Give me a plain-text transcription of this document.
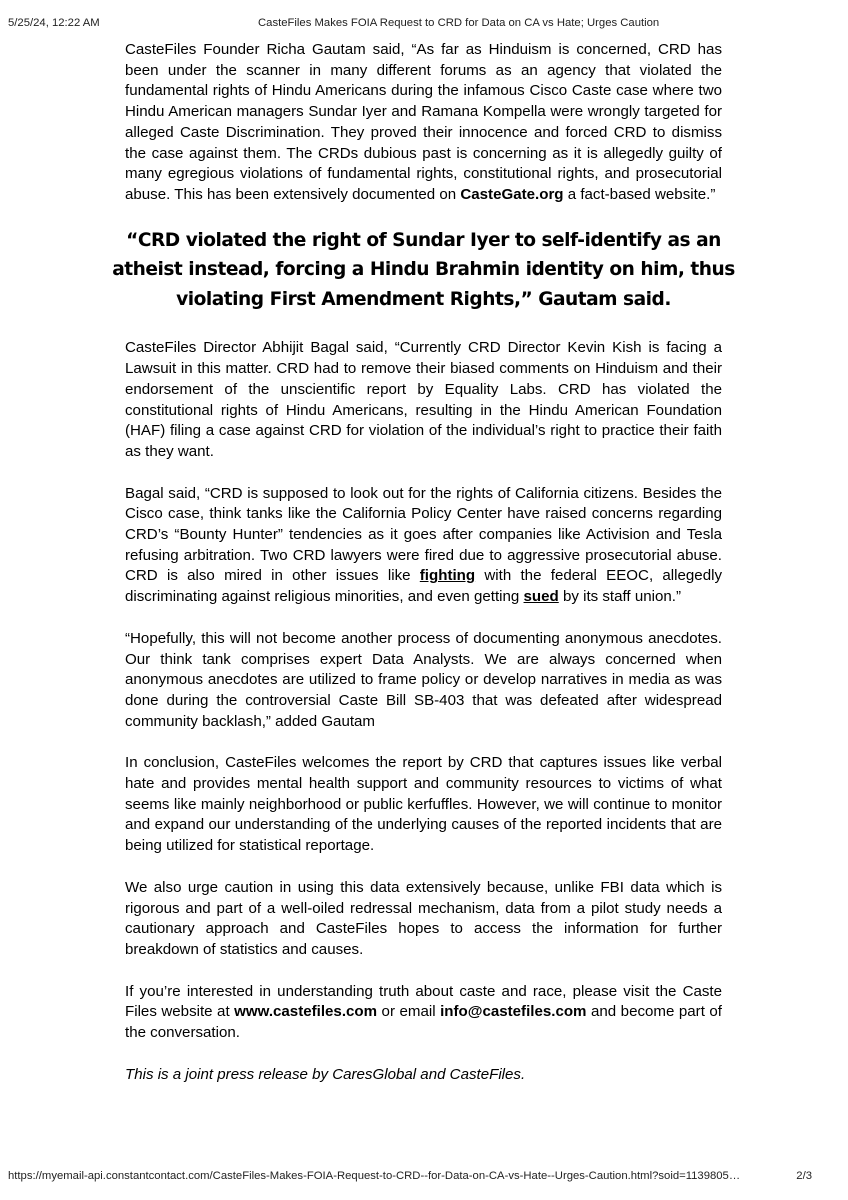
5/25/24, 12:22 AM	CasteFiles Makes FOIA Request to CRD for Data on CA vs Hate; Urges Caution

CasteFiles Founder Richa Gautam said, “As far as Hinduism is concerned, CRD has been under the scanner in many different forums as an agency that violated the fundamental rights of Hindu Americans during the infamous Cisco Caste case where two Hindu American managers Sundar Iyer and Ramana Kompella were wrongly targeted for alleged Caste Discrimination. They proved their innocence and forced CRD to dismiss the case against them. The CRDs dubious past is concerning as it is allegedly guilty of many egregious violations of fundamental rights, constitutional rights, and prosecutorial abuse. This has been extensively documented on CasteGate.org a fact-based website.”

“CRD violated the right of Sundar Iyer to self-identify as an atheist instead, forcing a Hindu Brahmin identity on him, thus violating First Amendment Rights,” Gautam said.

CasteFiles Director Abhijit Bagal said, “Currently CRD Director Kevin Kish is facing a Lawsuit in this matter. CRD had to remove their biased comments on Hinduism and their endorsement of the unscientific report by Equality Labs. CRD has violated the constitutional rights of Hindu Americans, resulting in the Hindu American Foundation (HAF) filing a case against CRD for violation of the individual’s right to practice their faith as they want.

Bagal said, “CRD is supposed to look out for the rights of California citizens. Besides the Cisco case, think tanks like the California Policy Center have raised concerns regarding CRD’s “Bounty Hunter” tendencies as it goes after companies like Activision and Tesla refusing arbitration. Two CRD lawyers were fired due to aggressive prosecutorial abuse. CRD is also mired in other issues like fighting with the federal EEOC, allegedly discriminating against religious minorities, and even getting sued by its staff union.”

“Hopefully, this will not become another process of documenting anonymous anecdotes. Our think tank comprises expert Data Analysts. We are always concerned when anonymous anecdotes are utilized to frame policy or develop narratives in media as was done during the controversial Caste Bill SB-403 that was defeated after widespread community backlash,” added Gautam

In conclusion, CasteFiles welcomes the report by CRD that captures issues like verbal hate and provides mental health support and community resources to victims of what seems like mainly neighborhood or public kerfuffles. However, we will continue to monitor and expand our understanding of the underlying causes of the reported incidents that are being utilized for statistical reportage.

We also urge caution in using this data extensively because, unlike FBI data which is rigorous and part of a well-oiled redressal mechanism, data from a pilot study needs a cautionary approach and CasteFiles hopes to access the information for further breakdown of statistics and causes.

If you’re interested in understanding truth about caste and race, please visit the Caste Files website at www.castefiles.com or email info@castefiles.com and become part of the conversation.

This is a joint press release by CaresGlobal and CasteFiles.

https://myemail-api.constantcontact.com/CasteFiles-Makes-FOIA-Request-to-CRD--for-Data-on-CA-vs-Hate--Urges-Caution.html?soid=1139805…	2/3
